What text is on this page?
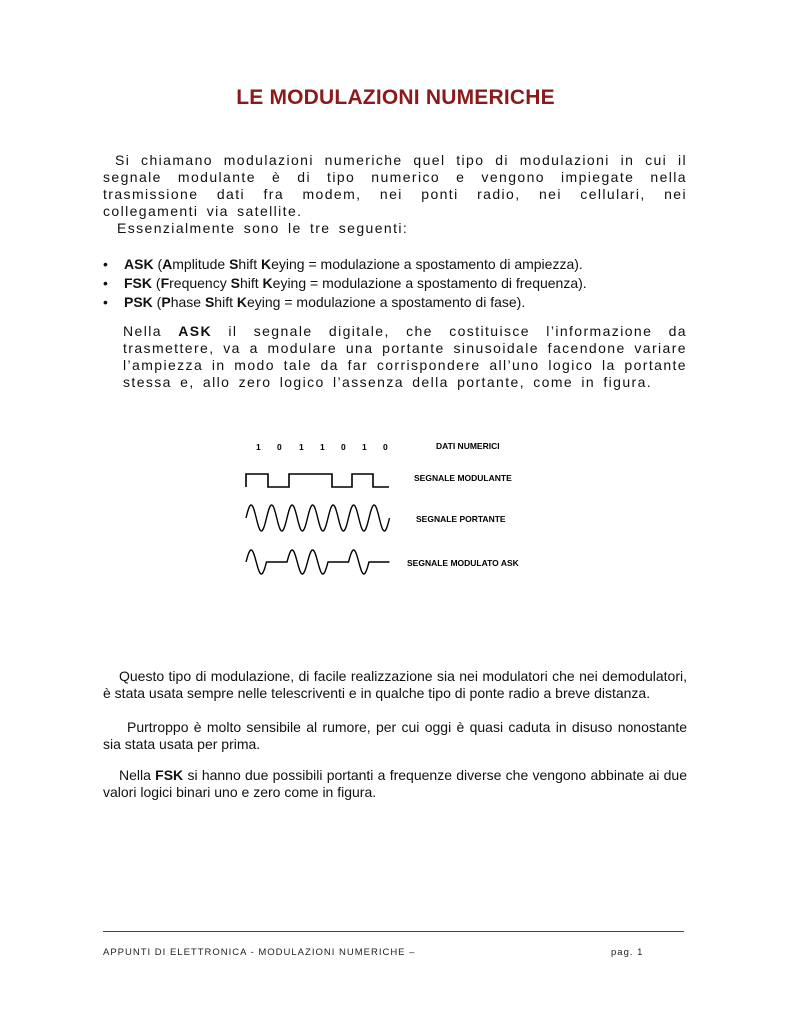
LE MODULAZIONI NUMERICHE

Si chiamano modulazioni numeriche quel tipo di modulazioni in cui il segnale modulante è di tipo numerico e vengono impiegate nella trasmissione dati fra modem, nei ponti radio, nei cellulari, nei collegamenti via satellite.

Essenzialmente sono le tre seguenti:

• ASK (Amplitude Shift Keying = modulazione a spostamento di ampiezza).
• FSK (Frequency Shift Keying = modulazione a spostamento di frequenza).
• PSK (Phase Shift Keying = modulazione a spostamento di fase).

Nella ASK il segnale digitale, che costituisce l’informazione da trasmettere, va a modulare una portante sinusoidale facendone variare l’ampiezza in modo tale da far corrispondere all’uno logico la portante stessa e, allo zero logico l’assenza della portante, come in figura.

1 0 1 1 0 1 0	DATI NUMERICI
SEGNALE MODULANTE
SEGNALE PORTANTE
SEGNALE MODULATO ASK

Questo tipo di modulazione, di facile realizzazione sia nei modulatori che nei demodulatori, è stata usata sempre nelle telescriventi e in qualche tipo di ponte radio a breve distanza.

Purtroppo è molto sensibile al rumore, per cui oggi è quasi caduta in disuso nonostante sia stata usata per prima.

Nella FSK si hanno due possibili portanti a frequenze diverse che vengono abbinate ai due valori logici binari uno e zero come in figura.

APPUNTI DI ELETTRONICA - MODULAZIONI NUMERICHE –	pag. 1
